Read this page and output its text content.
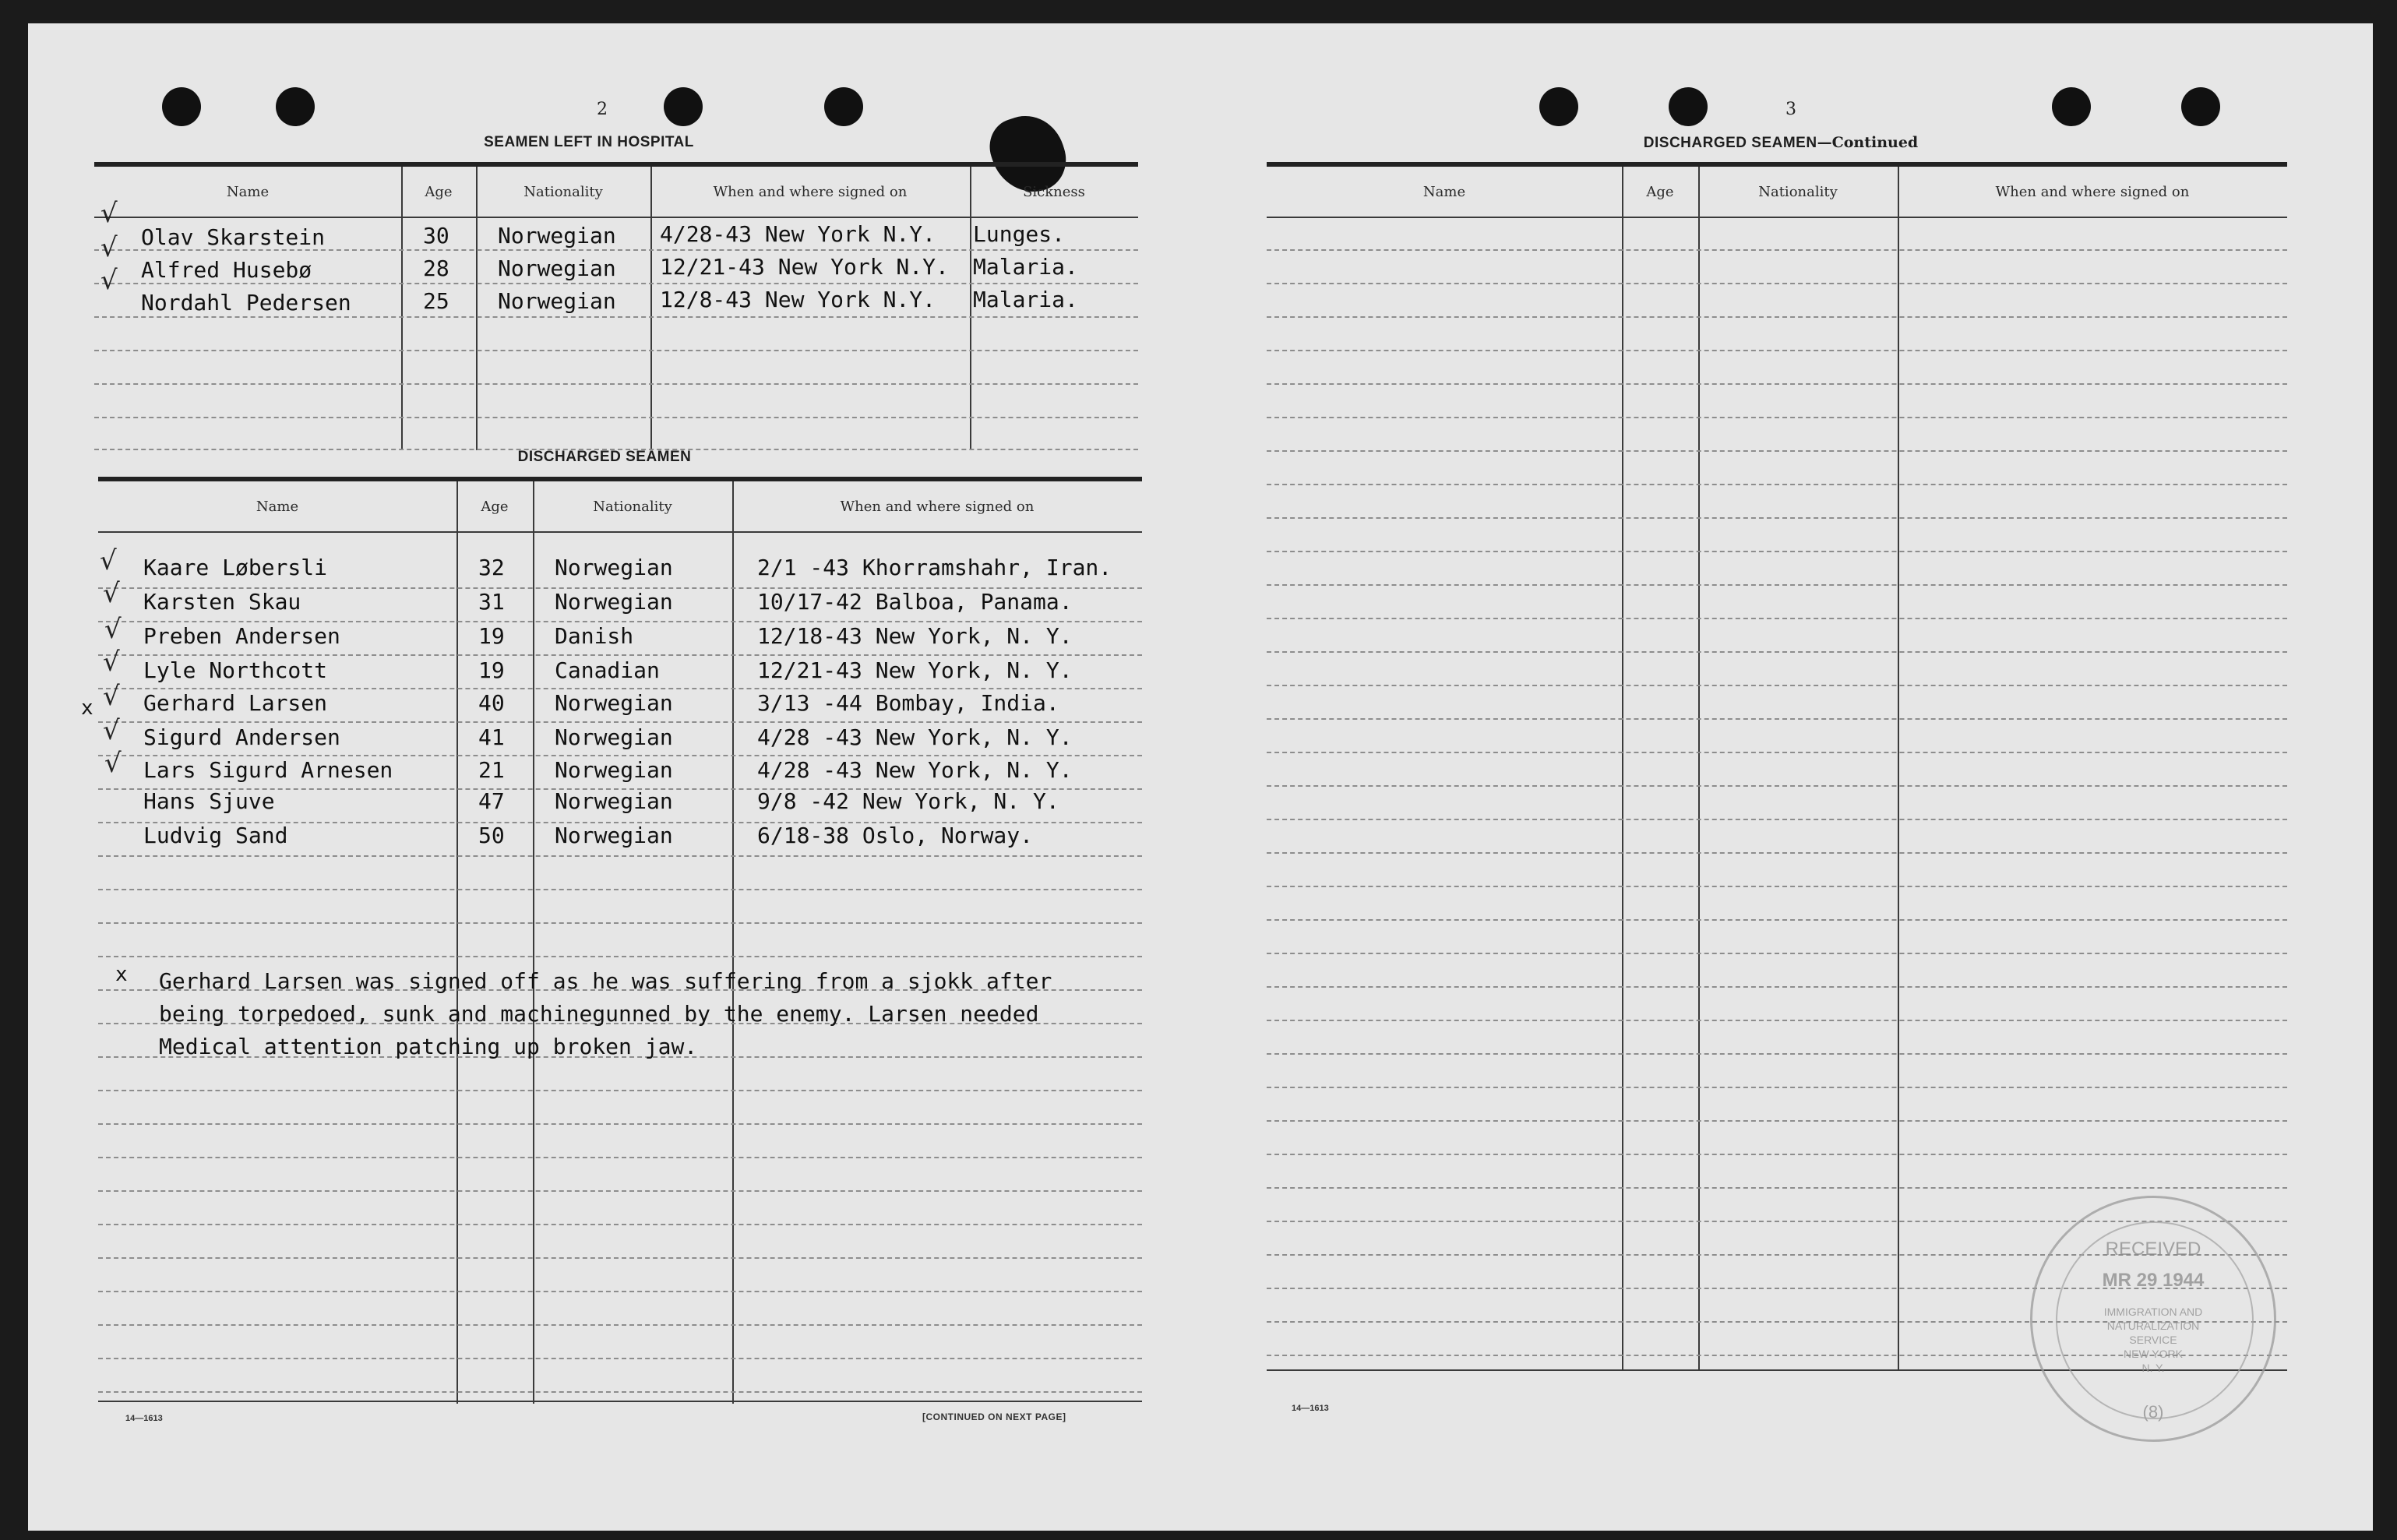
2
SEAMEN LEFT IN HOSPITAL
Name	Age	Nationality	When and where signed on	Sickness
√
√
√
Olav Skarstein	30 Norwegian 4/28-43 New York N.Y. Lunges.
Alfred Husebø	28 Norwegian 12/21-43 New York N.Y. Malaria.
Nordahl Pedersen	25 Norwegian 12/8-43 New York N.Y. Malaria.
DISCHARGED SEAMEN
Name	Age	Nationality	When and where signed on
√
√
√
√
x √
√
√
Kaare Løbersli	32 Norwegian	2/1 -43 Khorramshahr, Iran.
Karsten Skau	31 Norwegian	10/17-42 Balboa, Panama.
Preben Andersen	19 Danish	12/18-43 New York, N. Y.
Lyle Northcott	19 Canadian	12/21-43 New York, N. Y.
Gerhard Larsen	40 Norwegian	3/13 -44 Bombay, India.
Sigurd Andersen	41 Norwegian	4/28 -43 New York, N. Y.
Lars Sigurd Arnesen	21 Norwegian	4/28 -43 New York, N. Y.
Hans Sjuve	47 Norwegian	9/8 -42 New York, N. Y.
Ludvig Sand	50 Norwegian	6/18-38 Oslo, Norway.
x Gerhard Larsen was signed off as he was suffering from a sjokk after
being torpedoed, sunk and machinegunned by the enemy. Larsen needed
Medical attention patching up broken jaw.
14—1613	[CONTINUED ON NEXT PAGE]
3
DISCHARGED SEAMEN—Continued
Name	Age	Nationality	When and where signed on
14—1613
RECEIVED
MR 29 1944
IMMIGRATION AND
NATURALIZATION
SERVICE
NEW YORK
N. Y.
(8)
